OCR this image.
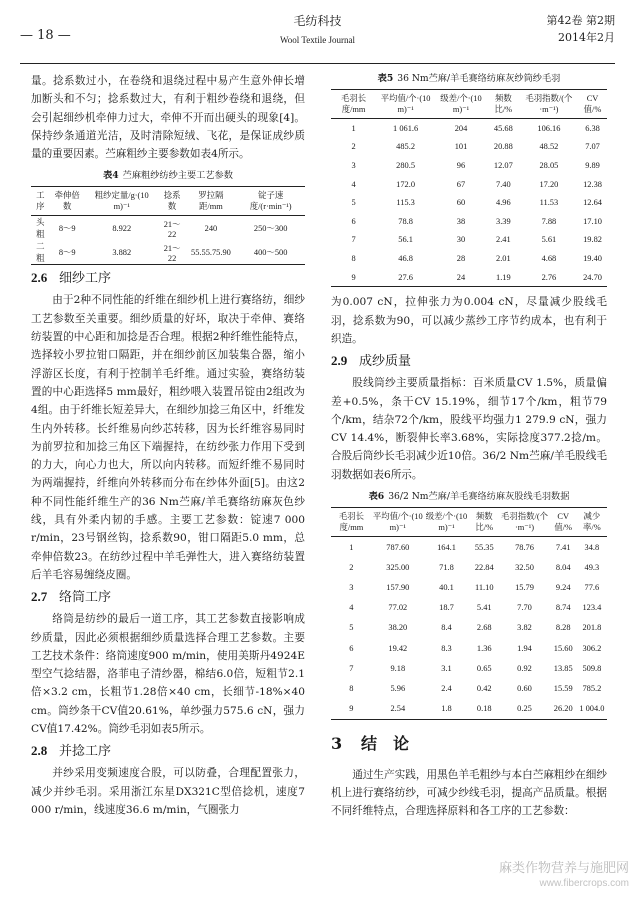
— 18 —
毛纺科技
Wool Textile Journal
第42卷 第2期
2014年2月

量。捻系数过小，在卷绕和退绕过程中易产生意外伸长增加断头和不匀；捻系数过大，有利于粗纱卷绕和退绕，但会引起细纱机牵伸力过大，牵伸不开而出硬头的现象[4]。保持纱条通道光洁，及时清除短绒、飞花，是保证成纱质量的重要因素。苎麻粗纱主要参数如表4所示。

表4 苎麻粗纱纺纱主要工艺参数
工序	牵伸倍数	粗纱定量/g·(10 m)⁻¹	捻系数	罗拉隔距/mm	锭子速度/(r·min⁻¹)
头粗	8～9	8.922	21～22	240	250～300
二粗	8～9	3.882	21～22	55.55.75.90	400～500
2.6 细纱工序

由于2种不同性能的纤维在细纱机上进行赛络纺，细纱工艺参数至关重要。细纱质量的好坏，取决于牵伸、赛络纺装置的中心距和加捻是否合理。根据2种纤维性能特点，选择较小罗拉钳口隔距，并在细纱前区加装集合器，缩小浮游区长度，有利于控制羊毛纤维。通过实验，赛络纺装置的中心距选择5 mm最好，粗纱喂入装置吊锭由2组改为4组。由于纤维长短差异大，在细纱加捻三角区中，纤维发生内外转移。长纤维易向纱芯转移，因为长纤维容易同时为前罗拉和加捻三角区下端握持，在纺纱张力作用下受到的力大，向心力也大，所以向内转移。而短纤维不易同时为两端握持，纤维向外转移而分布在纱体外面[5]。由这2种不同性能纤维生产的36 Nm苎麻/羊毛赛络纺麻灰色纱线，具有外柔内韧的手感。主要工艺参数：锭速7 000 r/min，23号钢丝钩，捻系数90，钳口隔距5.0 mm，总牵伸倍数23。在纺纱过程中羊毛弹性大，进入赛络纺装置后羊毛容易缠绕皮圈。

2.7 络筒工序

络筒是纺纱的最后一道工序，其工艺参数直接影响成纱质量，因此必须根据细纱质量选择合理工艺参数。主要工艺技术条件：络筒速度900 m/min，使用美斯丹4924E型空气捻结器，洛菲电子清纱器，棉结6.0倍，短粗节2.1倍×3.2 cm，长粗节1.28倍×40 cm，长细节-18%×40 cm。筒纱条干CV值20.61%，单纱强力575.6 cN，强力CV值17.42%。筒纱毛羽如表5所示。

2.8 并捻工序

并纱采用变频速度合股，可以防叠，合理配置张力，减少并纱毛羽。采用浙江东星DX321C型倍捻机，速度7 000 r/min，线速度36.6 m/min，气圈张力

表5 36 Nm苎麻/羊毛赛络纺麻灰纱筒纱毛羽
毛羽长度/mm	平均值/个·(10 m)⁻¹	级差/个·(10 m)⁻¹	频数比/%	毛羽指数/(个·m⁻¹)	CV值/%
1	1 061.6	204	45.68	106.16	6.38
2	485.2	101	20.88	48.52	7.07
3	280.5	96	12.07	28.05	9.89
4	172.0	67	7.40	17.20	12.38
5	115.3	60	4.96	11.53	12.64
6	78.8	38	3.39	7.88	17.10
7	56.1	30	2.41	5.61	19.82
8	46.8	28	2.01	4.68	19.40
9	27.6	24	1.19	2.76	24.70

为0.007 cN，拉伸张力为0.004 cN，尽量减少股线毛羽，捻系数为90，可以减少蒸纱工序节约成本，也有利于织造。

2.9 成纱质量

股线筒纱主要质量指标：百米质量CV 1.5%，质量偏差+0.5%，条干CV 15.19%，细节17个/km，粗节79个/km，结杂72个/km，股线平均强力1 279.9 cN，强力CV 14.4%，断裂伸长率3.68%，实际捻度377.2捻/m。合股后筒纱长毛羽减少近10倍。36/2 Nm苎麻/羊毛股线毛羽数据如表6所示。

表6 36/2 Nm苎麻/羊毛赛络纺麻灰股线毛羽数据
毛羽长度/mm	平均值/个·(10 m)⁻¹	级差/个·(10 m)⁻¹	频数比/%	毛羽指数/(个·m⁻¹)	CV值/%	减少率/%
1	787.60	164.1	55.35	78.76	7.41	34.8
2	325.00	71.8	22.84	32.50	8.04	49.3
3	157.90	40.1	11.10	15.79	9.24	77.6
4	77.02	18.7	5.41	7.70	8.74	123.4
5	38.20	8.4	2.68	3.82	8.28	201.8
6	19.42	8.3	1.36	1.94	15.60	306.2
7	9.18	3.1	0.65	0.92	13.85	509.8
8	5.96	2.4	0.42	0.60	15.59	785.2
9	2.54	1.8	0.18	0.25	26.20	1 004.0
3 结　论

通过生产实践，用黑色羊毛粗纱与本白苎麻粗纱在细纱机上进行赛络纺纱，可减少纱线毛羽，提高产品质量。根据不同纤维特点，合理选择原料和各工序的工艺参数：

麻类作物营养与施肥网
www.fibercrops.com
